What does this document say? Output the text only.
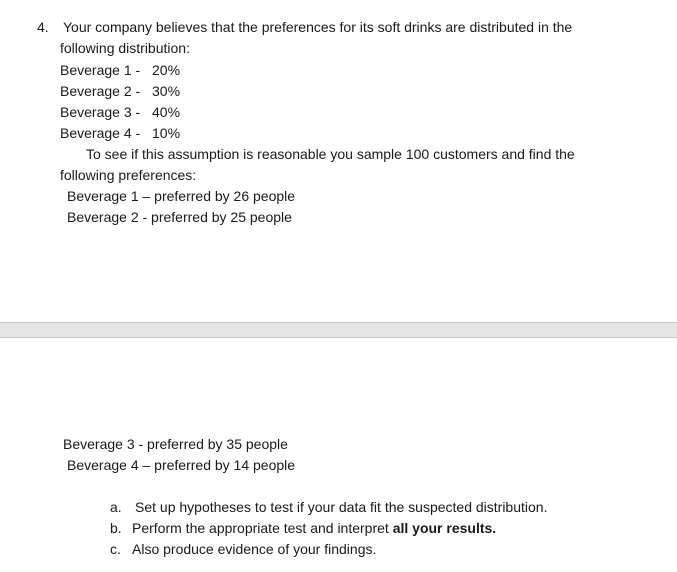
4. Your company believes that the preferences for its soft drinks are distributed in the
following distribution:
Beverage 1 - 20%
Beverage 2 - 30%
Beverage 3 - 40%
Beverage 4 - 10%
To see if this assumption is reasonable you sample 100 customers and find the
following preferences:
Beverage 1 – preferred by 26 people
Beverage 2 - preferred by 25 people
Beverage 3 - preferred by 35 people
Beverage 4 – preferred by 14 people
a. Set up hypotheses to test if your data fit the suspected distribution.
b. Perform the appropriate test and interpret all your results.
c. Also produce evidence of your findings.
